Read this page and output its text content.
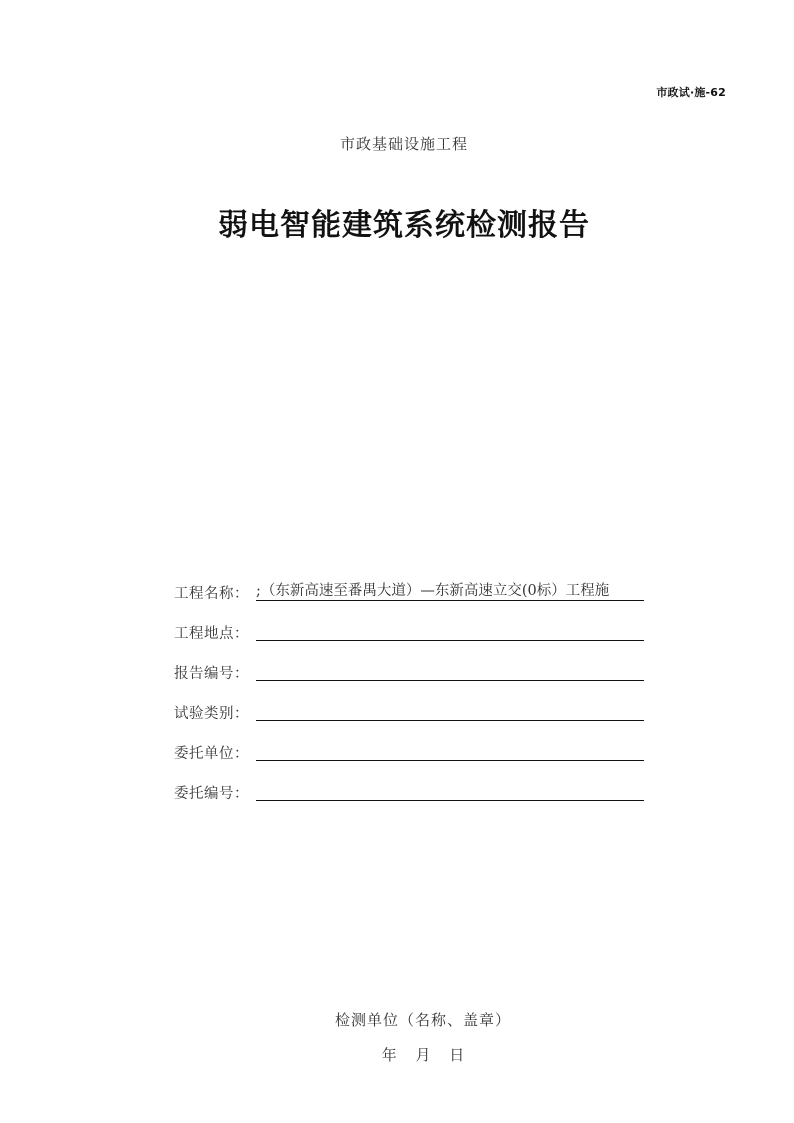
市政试·施-62
市政基础设施工程
弱电智能建筑系统检测报告
工程名称： ;（东新高速至番禺大道）—东新高速立交(0标）工程施
工程地点：
报告编号：
试验类别：
委托单位：
委托编号：
检测单位（名称、盖章）
年 月 日
